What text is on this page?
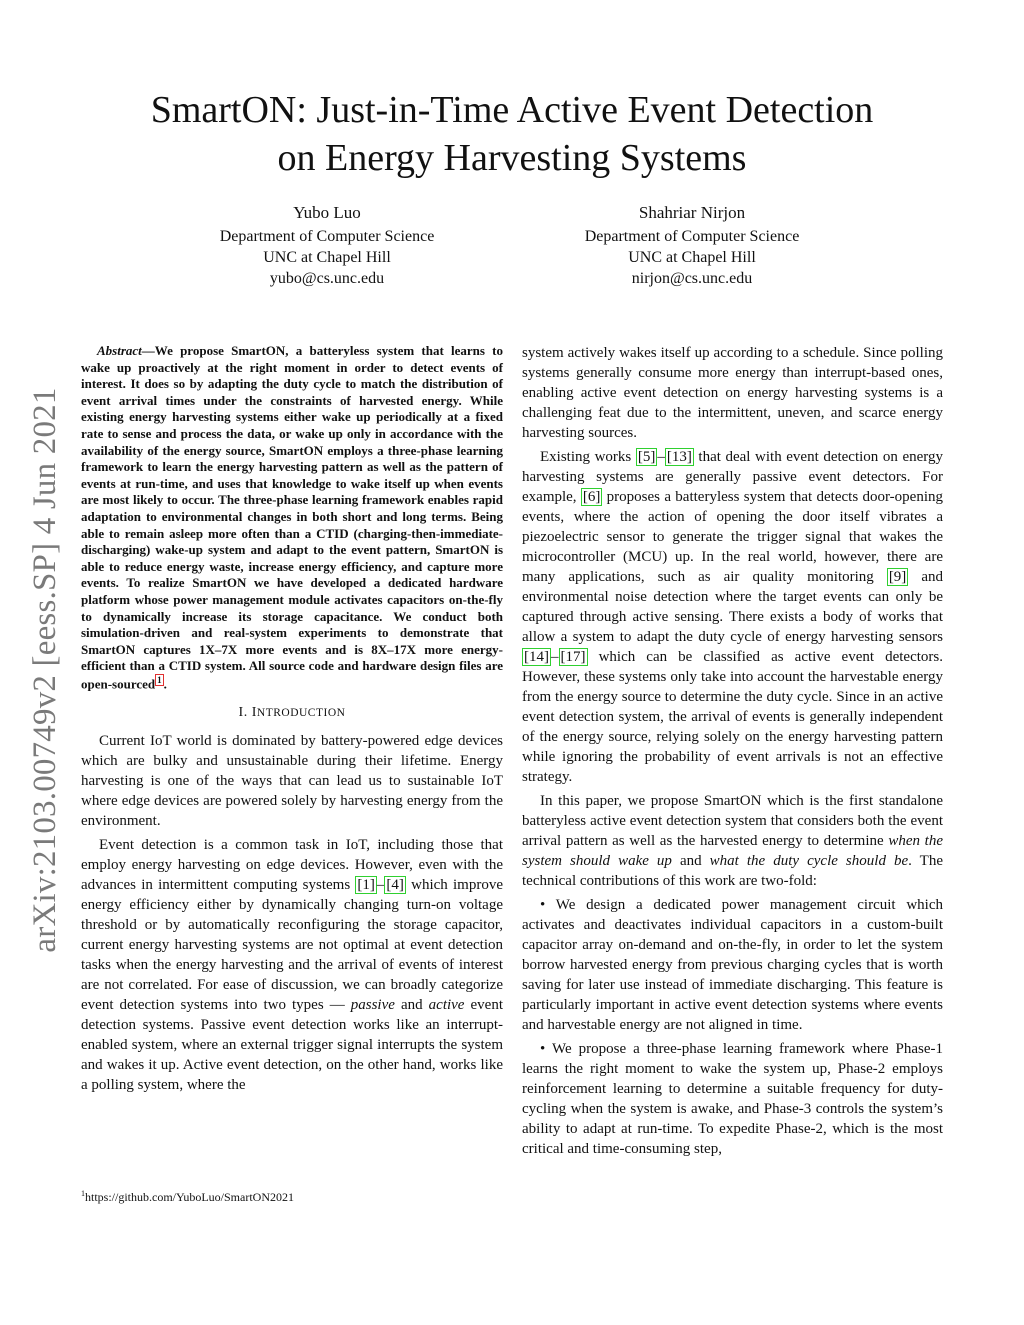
arXiv:2103.00749v2 [eess.SP] 4 Jun 2021
SmartON: Just-in-Time Active Event Detection
on Energy Harvesting Systems
Yubo Luo
Department of Computer Science
UNC at Chapel Hill
yubo@cs.unc.edu
Shahriar Nirjon
Department of Computer Science
UNC at Chapel Hill
nirjon@cs.unc.edu

Abstract—We propose SmartON, a batteryless system that learns to wake up proactively at the right moment in order to detect events of interest. It does so by adapting the duty cycle to match the distribution of event arrival times under the constraints of harvested energy. While existing energy harvesting systems either wake up periodically at a fixed rate to sense and process the data, or wake up only in accordance with the availability of the energy source, SmartON employs a three-phase learning framework to learn the energy harvesting pattern as well as the pattern of events at run-time, and uses that knowledge to wake itself up when events are most likely to occur. The three-phase learning framework enables rapid adaptation to environmental changes in both short and long terms. Being able to remain asleep more often than a CTID (charging-then-immediate-discharging) wake-up system and adapt to the event pattern, SmartON is able to reduce energy waste, increase energy efficiency, and capture more events. To realize SmartON we have developed a dedicated hardware platform whose power management module activates capacitors on-the-fly to dynamically increase its storage capacitance. We conduct both simulation-driven and real-system experiments to demonstrate that SmartON captures 1X–7X more events and is 8X–17X more energy-efficient than a CTID system. All source code and hardware design files are open-sourced $^1$ .

I. INTRODUCTION

Current IoT world is dominated by battery-powered edge devices which are bulky and unsustainable during their lifetime. Energy harvesting is one of the ways that can lead us to sustainable IoT where edge devices are powered solely by harvesting energy from the environment.

Event detection is a common task in IoT, including those that employ energy harvesting on edge devices. However, even with the advances in intermittent computing systems [1] – [4] which improve energy efficiency either by dynamically changing turn-on voltage threshold or by automatically reconfiguring the storage capacitor, current energy harvesting systems are not optimal at event detection tasks when the energy harvesting and the arrival of events of interest are not correlated. For ease of discussion, we can broadly categorize event detection systems into two types — passive and active event detection systems. Passive event detection works like an interrupt-enabled system, where an external trigger signal interrupts the system and wakes it up. Active event detection, on the other hand, works like a polling system, where the

$^1$https://github.com/YuboLuo/SmartON2021

system actively wakes itself up according to a schedule. Since polling systems generally consume more energy than interrupt-based ones, enabling active event detection on energy harvesting systems is a challenging feat due to the intermittent, uneven, and scarce energy harvesting sources.

Existing works [5] – [13] that deal with event detection on energy harvesting systems are generally passive event detectors. For example, [6] proposes a batteryless system that detects door-opening events, where the action of opening the door itself vibrates a piezoelectric sensor to generate the trigger signal that wakes the microcontroller (MCU) up. In the real world, however, there are many applications, such as air quality monitoring [9] and environmental noise detection where the target events can only be captured through active sensing. There exists a body of works that allow a system to adapt the duty cycle of energy harvesting sensors [14] – [17] which can be classified as active event detectors. However, these systems only take into account the harvestable energy from the energy source to determine the duty cycle. Since in an active event detection system, the arrival of events is generally independent of the energy source, relying solely on the energy harvesting pattern while ignoring the probability of event arrivals is not an effective strategy.

In this paper, we propose SmartON which is the first standalone batteryless active event detection system that considers both the event arrival pattern as well as the harvested energy to determine when the system should wake up and what the duty cycle should be. The technical contributions of this work are two-fold:

• We design a dedicated power management circuit which activates and deactivates individual capacitors in a custom-built capacitor array on-demand and on-the-fly, in order to let the system borrow harvested energy from previous charging cycles that is worth saving for later use instead of immediate discharging. This feature is particularly important in active event detection systems where events and harvestable energy are not aligned in time.

• We propose a three-phase learning framework where Phase-1 learns the right moment to wake the system up, Phase-2 employs reinforcement learning to determine a suitable frequency for duty-cycling when the system is awake, and Phase-3 controls the system’s ability to adapt at run-time. To expedite Phase-2, which is the most critical and time-consuming step,
